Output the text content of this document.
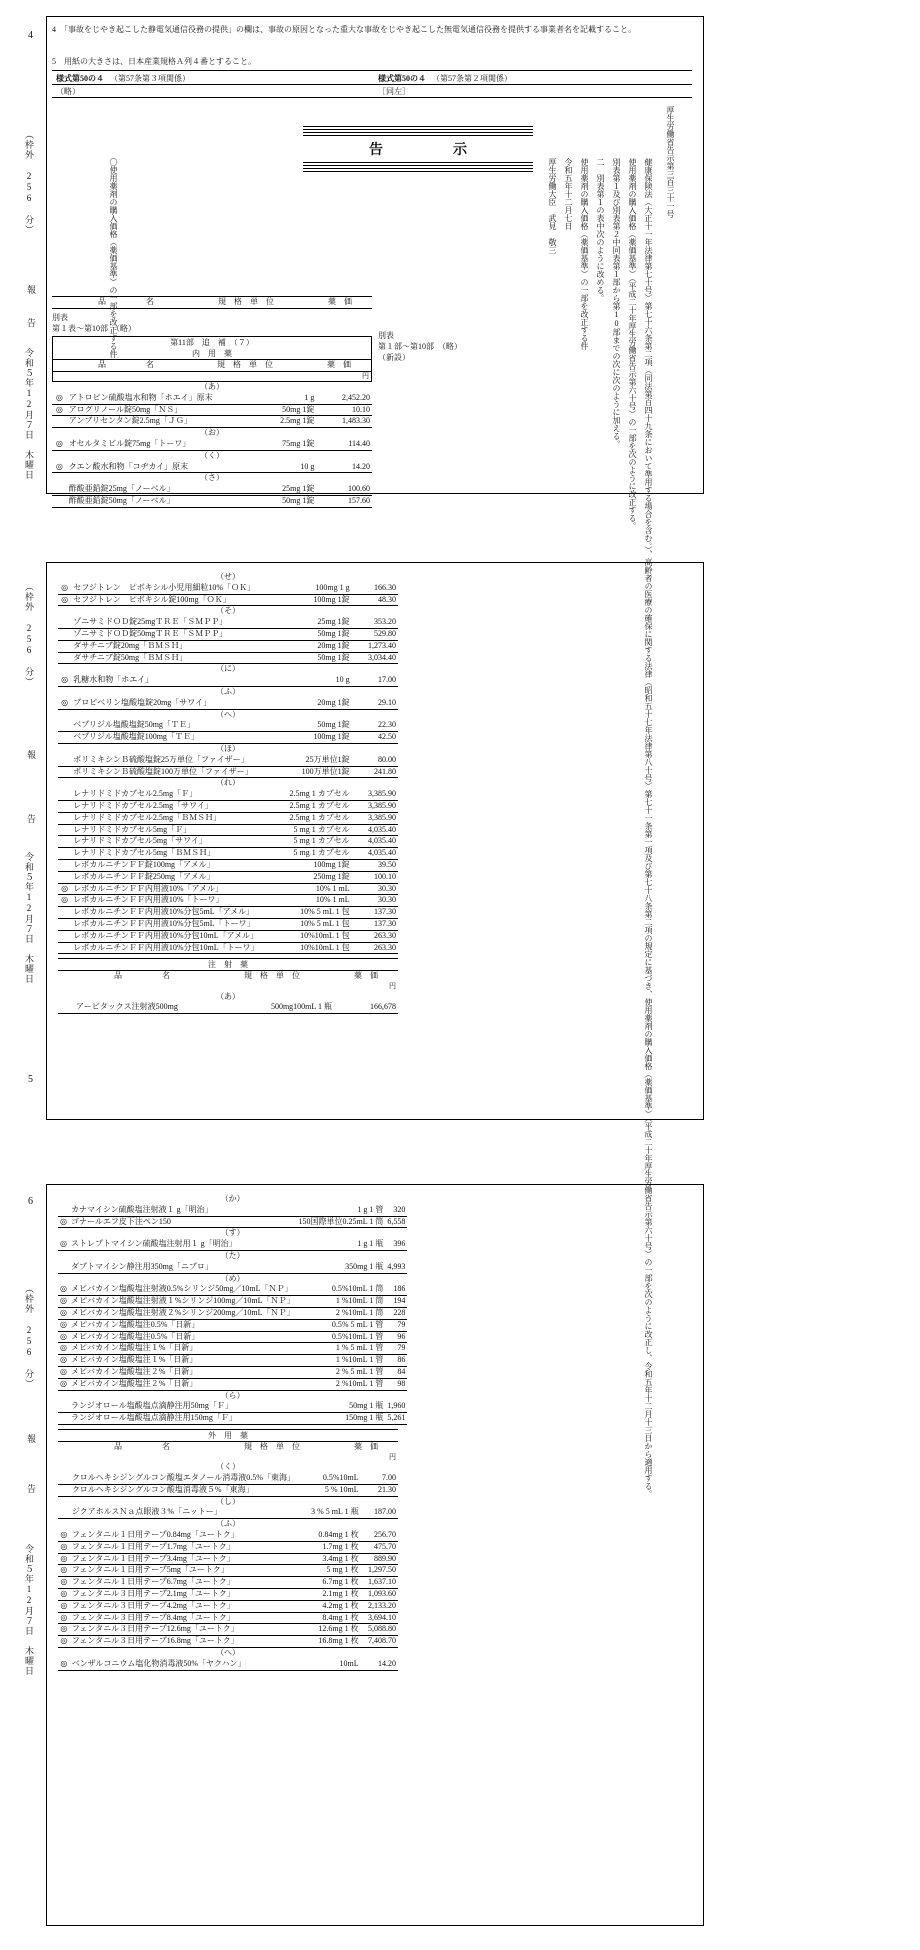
4
（枠外 256 分）
報
告
令和５年12月７日　木曜日
4　「事故をじやき起こした静電気通信役務の提供」の欄は、事故の原因となった重大な事故をじやき起こした無電気通信役務を提供する事業者名を記載すること。
5　用紙の大きさは、日本産業規格Ａ列４番とすること。
様式第50の４ （第57条第３項関係）	様式第50の４ （第57条第２項関係）
（略）	［同左］
厚生労働省告示第三百三十一号
告　示
健康保険法（大正十一年法律第七十号）第七十六条第二項（同法第百四十九条において準用する場合を含む。）、高齢者の医療の確保に関する法律（昭和五十七年法律第八十号）第七十一条第一項及び第七十八条第二項の規定に基づき、使用薬剤の購入価格（薬価基準）（平成二十年厚生労働省告示第六十号）の一部を次のように改正し、令和五年十二月十三日から適用する。
使用薬剤の購入価格（薬価基準）（平成二十年厚生労働省告示第六十号）の一部を次のように改正する。
別表第１及び別表第２中同表第１部から第10部までの次に次のように加える。
二　別表第１の表中次のように改める。
使用薬剤の購入価格（薬価基準）の一部を改正する件
令和五年十二月七日
厚生労働大臣　武見　敬三
〇使用薬剤の購入価格（薬価基準）の一部を改正する件
	品　　　　　名	規　格　単　位	薬　価
別表
第１表～第10部　（略）
第11部　追　補　（７）
内　用　薬
	品　　　　　名	規　格　単　位	薬　価
			円
（あ）			
◎	アトロピン硫酸塩水和物「ホエイ」原末	1 g	2,452.20
◎	アログリノール錠50mg「ＮＳ」	50mg 1錠	10.10
	アンブリセンタン錠2.5mg「ＪＧ」	2.5mg 1錠	1,483.30
（お）			
◎	オセルタミビル錠75mg「トーワ」	75mg 1錠	114.40
（く）			
◎	クエン酸水和物「コヂカイ」原末	10 g	14.20
（さ）			
	酢酸亜鉛錠25mg「ノーベル」	25mg 1錠	100.60
	酢酸亜鉛錠50mg「ノーベル」	50mg 1錠	157.60
別表
第１部～第10部　（略）
（新設）
5
（枠外 256 分）
報
告
令和５年12月７日　木曜日
（せ）			
◎	セフジトレン　ピボキシル小児用細粒10%「ＯＫ」	100mg 1 g	166.30
◎	セフジトレン　ピボキシル錠100mg「ＯＫ」	100mg 1錠	48.30
（そ）			
	ゾニサミドＯＤ錠25mgＴＲＥ「ＳＭＰＰ」	25mg 1錠	353.20
	ゾニサミドＯＤ錠50mgＴＲＥ「ＳＭＰＰ」	50mg 1錠	529.80
	ダサチニブ錠20mg「ＢＭＳＨ」	20mg 1錠	1,273.40
	ダサチニブ錠50mg「ＢＭＳＨ」	50mg 1錠	3,034.40
（に）			
◎	乳糖水和物「ホエイ」	10 g	17.00
（ふ）			
◎	プロピベリン塩酸塩錠20mg「サワイ」	20mg 1錠	29.10
（へ）			
	ベプリジル塩酸塩錠50mg「ＴＥ」	50mg 1錠	22.30
	ベプリジル塩酸塩錠100mg「ＴＥ」	100mg 1錠	42.50
（ほ）			
	ポリミキシンＢ硫酸塩錠25万単位「ファイザー」	25万単位1錠	80.00
	ポリミキシンＢ硫酸塩錠100万単位「ファイザー」	100万単位1錠	241.80
（れ）			
	レナリドミドカプセル2.5mg「Ｆ」	2.5mg 1 カプセル	3,385.90
	レナリドミドカプセル2.5mg「サワイ」	2.5mg 1 カプセル	3,385.90
	レナリドミドカプセル2.5mg「ＢＭＳＨ」	2.5mg 1 カプセル	3,385.90
	レナリドミドカプセル5mg「Ｆ」	5 mg 1 カプセル	4,035.40
	レナリドミドカプセル5mg「サワイ」	5 mg 1 カプセル	4,035.40
	レナリドミドカプセル5mg「ＢＭＳＨ」	5 mg 1 カプセル	4,035.40
	レボカルニチンＦＦ錠100mg「アメル」	100mg 1錠	39.50
	レボカルニチンＦＦ錠250mg「アメル」	250mg 1錠	100.10
◎	レボカルニチンＦＦ内用液10%「アメル」	10% 1 mL	30.30
◎	レボカルニチンＦＦ内用液10%「トーワ」	10% 1 mL	30.30
	レボカルニチンＦＦ内用液10%分包5mL「アメル」	10% 5 mL 1 包	137.30
	レボカルニチンＦＦ内用液10%分包5mL「トーワ」	10% 5 mL 1 包	137.30
	レボカルニチンＦＦ内用液10%分包10mL「アメル」	10%10mL 1 包	263.30
	レボカルニチンＦＦ内用液10%分包10mL「トーワ」	10%10mL 1 包	263.30
注　射　薬
	品　　　　　名	規　格　単　位	薬　価
			円
（あ）
	アービタックス注射液500mg	500mg100mL 1 瓶	166,678
6
（枠外 256 分）
報
告
令和５年12月７日　木曜日
（か）			
	カナマイシン硫酸塩注射液１ g「明治」	1 g 1 管	320
◎	ゴナールエフ皮下注ペン150	150国際単位0.25mL 1 筒	6,558
（す）			
◎	ストレプトマイシン硫酸塩注射用１ g「明治」	1 g 1 瓶	396
（た）			
	ダプトマイシン静注用350mg「ニプロ」	350mg 1 瓶	4,993
（め）			
◎	メピバカイン塩酸塩注射液0.5%シリンジ50mg／10mL「ＮＰ」	0.5%10mL 1 筒	186
◎	メピバカイン塩酸塩注射液１%シリンジ100mg／10mL「ＮＰ」	1 %10mL 1 筒	194
◎	メピバカイン塩酸塩注射液２%シリンジ200mg／10mL「ＮＰ」	2 %10mL 1 筒	228
◎	メピバカイン塩酸塩注0.5%「日新」	0.5% 5 mL 1 管	79
◎	メピバカイン塩酸塩注0.5%「日新」	0.5%10mL 1 管	96
◎	メピバカイン塩酸塩注１%「日新」	1 % 5 mL 1 管	79
◎	メピバカイン塩酸塩注１%「日新」	1 %10mL 1 管	86
◎	メピバカイン塩酸塩注２%「日新」	2 % 5 mL 1 管	84
◎	メピバカイン塩酸塩注２%「日新」	2 %10mL 1 管	98
（ら）			
	ランジオロール塩酸塩点滴静注用50mg「Ｆ」	50mg 1 瓶	1,960
	ランジオロール塩酸塩点滴静注用150mg「Ｆ」	150mg 1 瓶	5,261
外　用　薬
	品　　　　　名	規　格　単　位	薬　価
			円
（く）			
	クロルヘキシジングルコン酸塩エタノール消毒液0.5%「東海」	0.5%10mL	7.00
	クロルヘキシジングルコン酸塩消毒液５%「東海」	5 % 10mL	21.30
（し）			
	ジクアホルスＮａ点眼液３%「ニットー」	3 % 5 mL 1 瓶	187.00
（ふ）			
◎	フェンタニル１日用テープ0.84mg「ユートク」	0.84mg 1 枚	256.70
◎	フェンタニル１日用テープ1.7mg「ユートク」	1.7mg 1 枚	475.70
◎	フェンタニル１日用テープ3.4mg「ユートク」	3.4mg 1 枚	889.90
◎	フェンタニル１日用テープ5mg「ユートク」	5 mg 1 枚	1,297.50
◎	フェンタニル１日用テープ6.7mg「ユートク」	6.7mg 1 枚	1,637.10
◎	フェンタニル３日用テープ2.1mg「ユートク」	2.1mg 1 枚	1,093.60
◎	フェンタニル３日用テープ4.2mg「ユートク」	4.2mg 1 枚	2,133.20
◎	フェンタニル３日用テープ8.4mg「ユートク」	8.4mg 1 枚	3,694.10
◎	フェンタニル３日用テープ12.6mg「ユートク」	12.6mg 1 枚	5,088.80
◎	フェンタニル３日用テープ16.8mg「ユートク」	16.8mg 1 枚	7,408.70
（へ）			
◎	ベンザルコニウム塩化物消毒液50%「ヤクハン」	10mL	14.20
